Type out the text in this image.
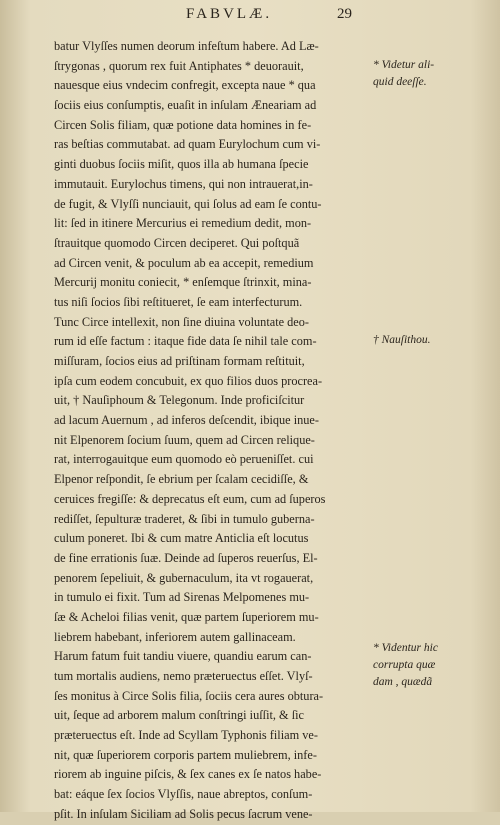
FABVLÆ.	29
batur Vlyſſes numen deorum infeſtum habere. Ad Læ-
ſtrygonas , quorum rex fuit Antiphates * deuorauit,
nauesque eius vndecim confregit, excepta naue * qua
ſociis eius conſumptis, euaſit in inſulam Æneariam ad
Circen Solis filiam, quæ potione data homines in fe-
ras beſtias commutabat. ad quam Eurylochum cum vi-
ginti duobus ſociis miſit, quos illa ab humana ſpecie
immutauit. Eurylochus timens, qui non intrauerat,in-
de fugit, & Vlyſſi nunciauit, qui ſolus ad eam ſe contu-
lit: ſed in itinere Mercurius ei remedium dedit, mon-
ſtrauitque quomodo Circen deciperet. Qui poſtquã
ad Circen venit, & poculum ab ea accepit, remedium
Mercurij monitu coniecit, * enſemque ſtrinxit, mina-
tus niſi ſocios ſibi reſtitueret, ſe eam interfecturum.
Tunc Circe intellexit, non ſine diuina voluntate deo-
rum id eſſe factum : itaque fide data ſe nihil tale com-
miſſuram, ſocios eius ad priſtinam formam reſtituit,
ipſa cum eodem concubuit, ex quo filios duos procrea-
uit, † Nauſiphoum & Telegonum. Inde proficiſcitur
ad lacum Auernum , ad inferos deſcendit, ibique inue-
nit Elpenorem ſocium ſuum, quem ad Circen relique-
rat, interrogauitque eum quomodo eò perueniſſet. cui
Elpenor reſpondit, ſe ebrium per ſcalam cecidiſſe, &
ceruices fregiſſe: & deprecatus eſt eum, cum ad ſuperos
rediſſet, ſepulturæ traderet, & ſibi in tumulo guberna-
culum poneret. Ibi & cum matre Anticlia eſt locutus
de fine errationis ſuæ. Deinde ad ſuperos reuerſus, El-
penorem ſepeliuit, & gubernaculum, ita vt rogauerat,
in tumulo ei fixit. Tum ad Sirenas Melpomenes mu-
ſæ & Acheloi filias venit, quæ partem ſuperiorem mu-
liebrem habebant, inferiorem autem gallinaceam.
Harum fatum fuit tandiu viuere, quandiu earum can-
tum mortalis audiens, nemo præteruectus eſſet. Vlyſ-
ſes monitus à Circe Solis filia, ſociis cera aures obtura-
uit, ſeque ad arborem malum conſtringi iuſſit, & ſic
præteruectus eſt. Inde ad Scyllam Typhonis filiam ve-
nit, quæ ſuperiorem corporis partem muliebrem, infe-
riorem ab inguine piſcis, & ſex canes ex ſe natos habe-
bat: eáque ſex ſocios Vlyſſis, naue abreptos, conſum-
pſit. In inſulam Siciliam ad Solis pecus ſacrum vene-
* Videtur ali-
quid deeſſe.
† Nauſithou.
* Videntur hic
corrupta quæ
dam , quædã
